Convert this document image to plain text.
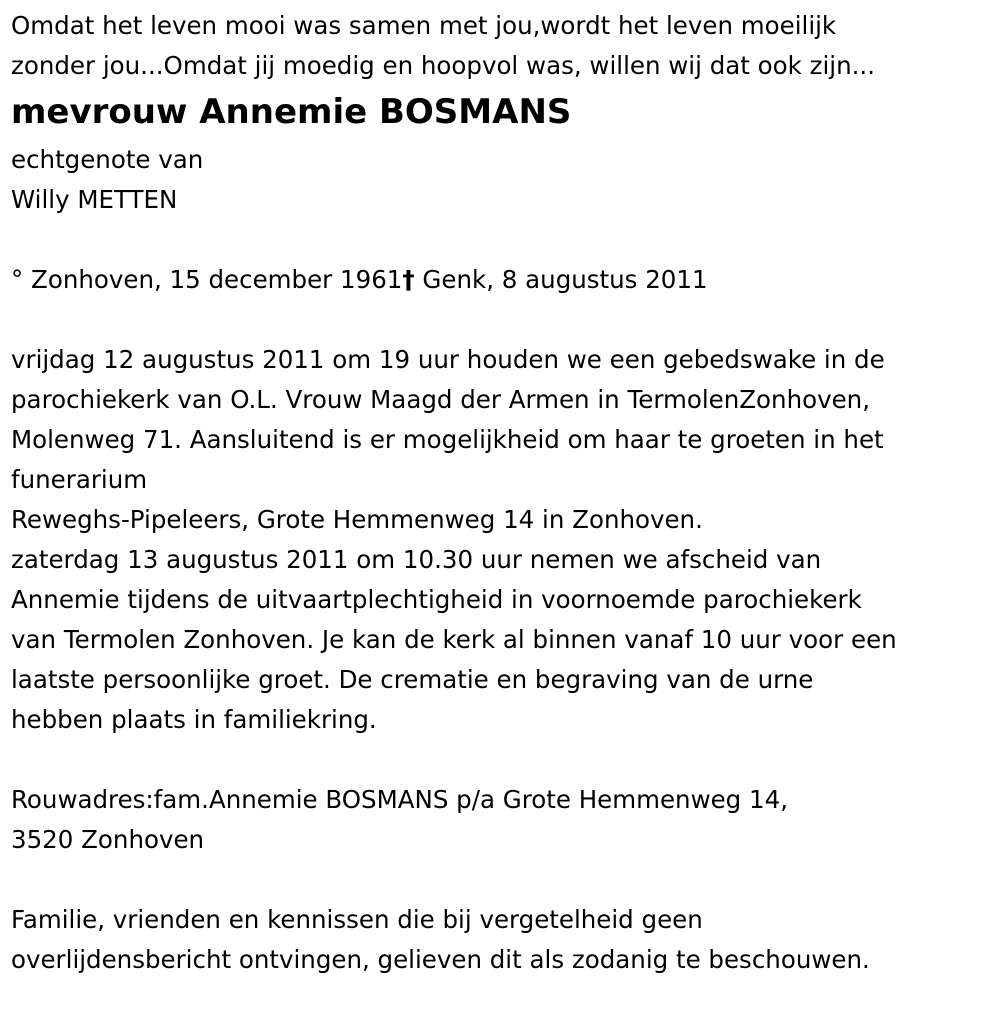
Omdat het leven mooi was samen met jou,wordt het leven moeilijk
zonder jou...Omdat jij moedig en hoopvol was, willen wij dat ook zijn...
mevrouw Annemie BOSMANS
echtgenote van
Willy METTEN
° Zonhoven, 15 december 1961† Genk, 8 augustus 2011
vrijdag 12 augustus 2011 om 19 uur houden we een gebedswake in de
parochiekerk van O.L. Vrouw Maagd der Armen in TermolenZonhoven,
Molenweg 71. Aansluitend is er mogelijkheid om haar te groeten in het
funerarium
Reweghs-Pipeleers, Grote Hemmenweg 14 in Zonhoven.
zaterdag 13 augustus 2011 om 10.30 uur nemen we afscheid van
Annemie tijdens de uitvaartplechtigheid in voornoemde parochiekerk
van Termolen Zonhoven. Je kan de kerk al binnen vanaf 10 uur voor een
laatste persoonlijke groet. De crematie en begraving van de urne
hebben plaats in familiekring.
Rouwadres:fam.Annemie BOSMANS p/a Grote Hemmenweg 14,
3520 Zonhoven
Familie, vrienden en kennissen die bij vergetelheid geen
overlijdensbericht ontvingen, gelieven dit als zodanig te beschouwen.
